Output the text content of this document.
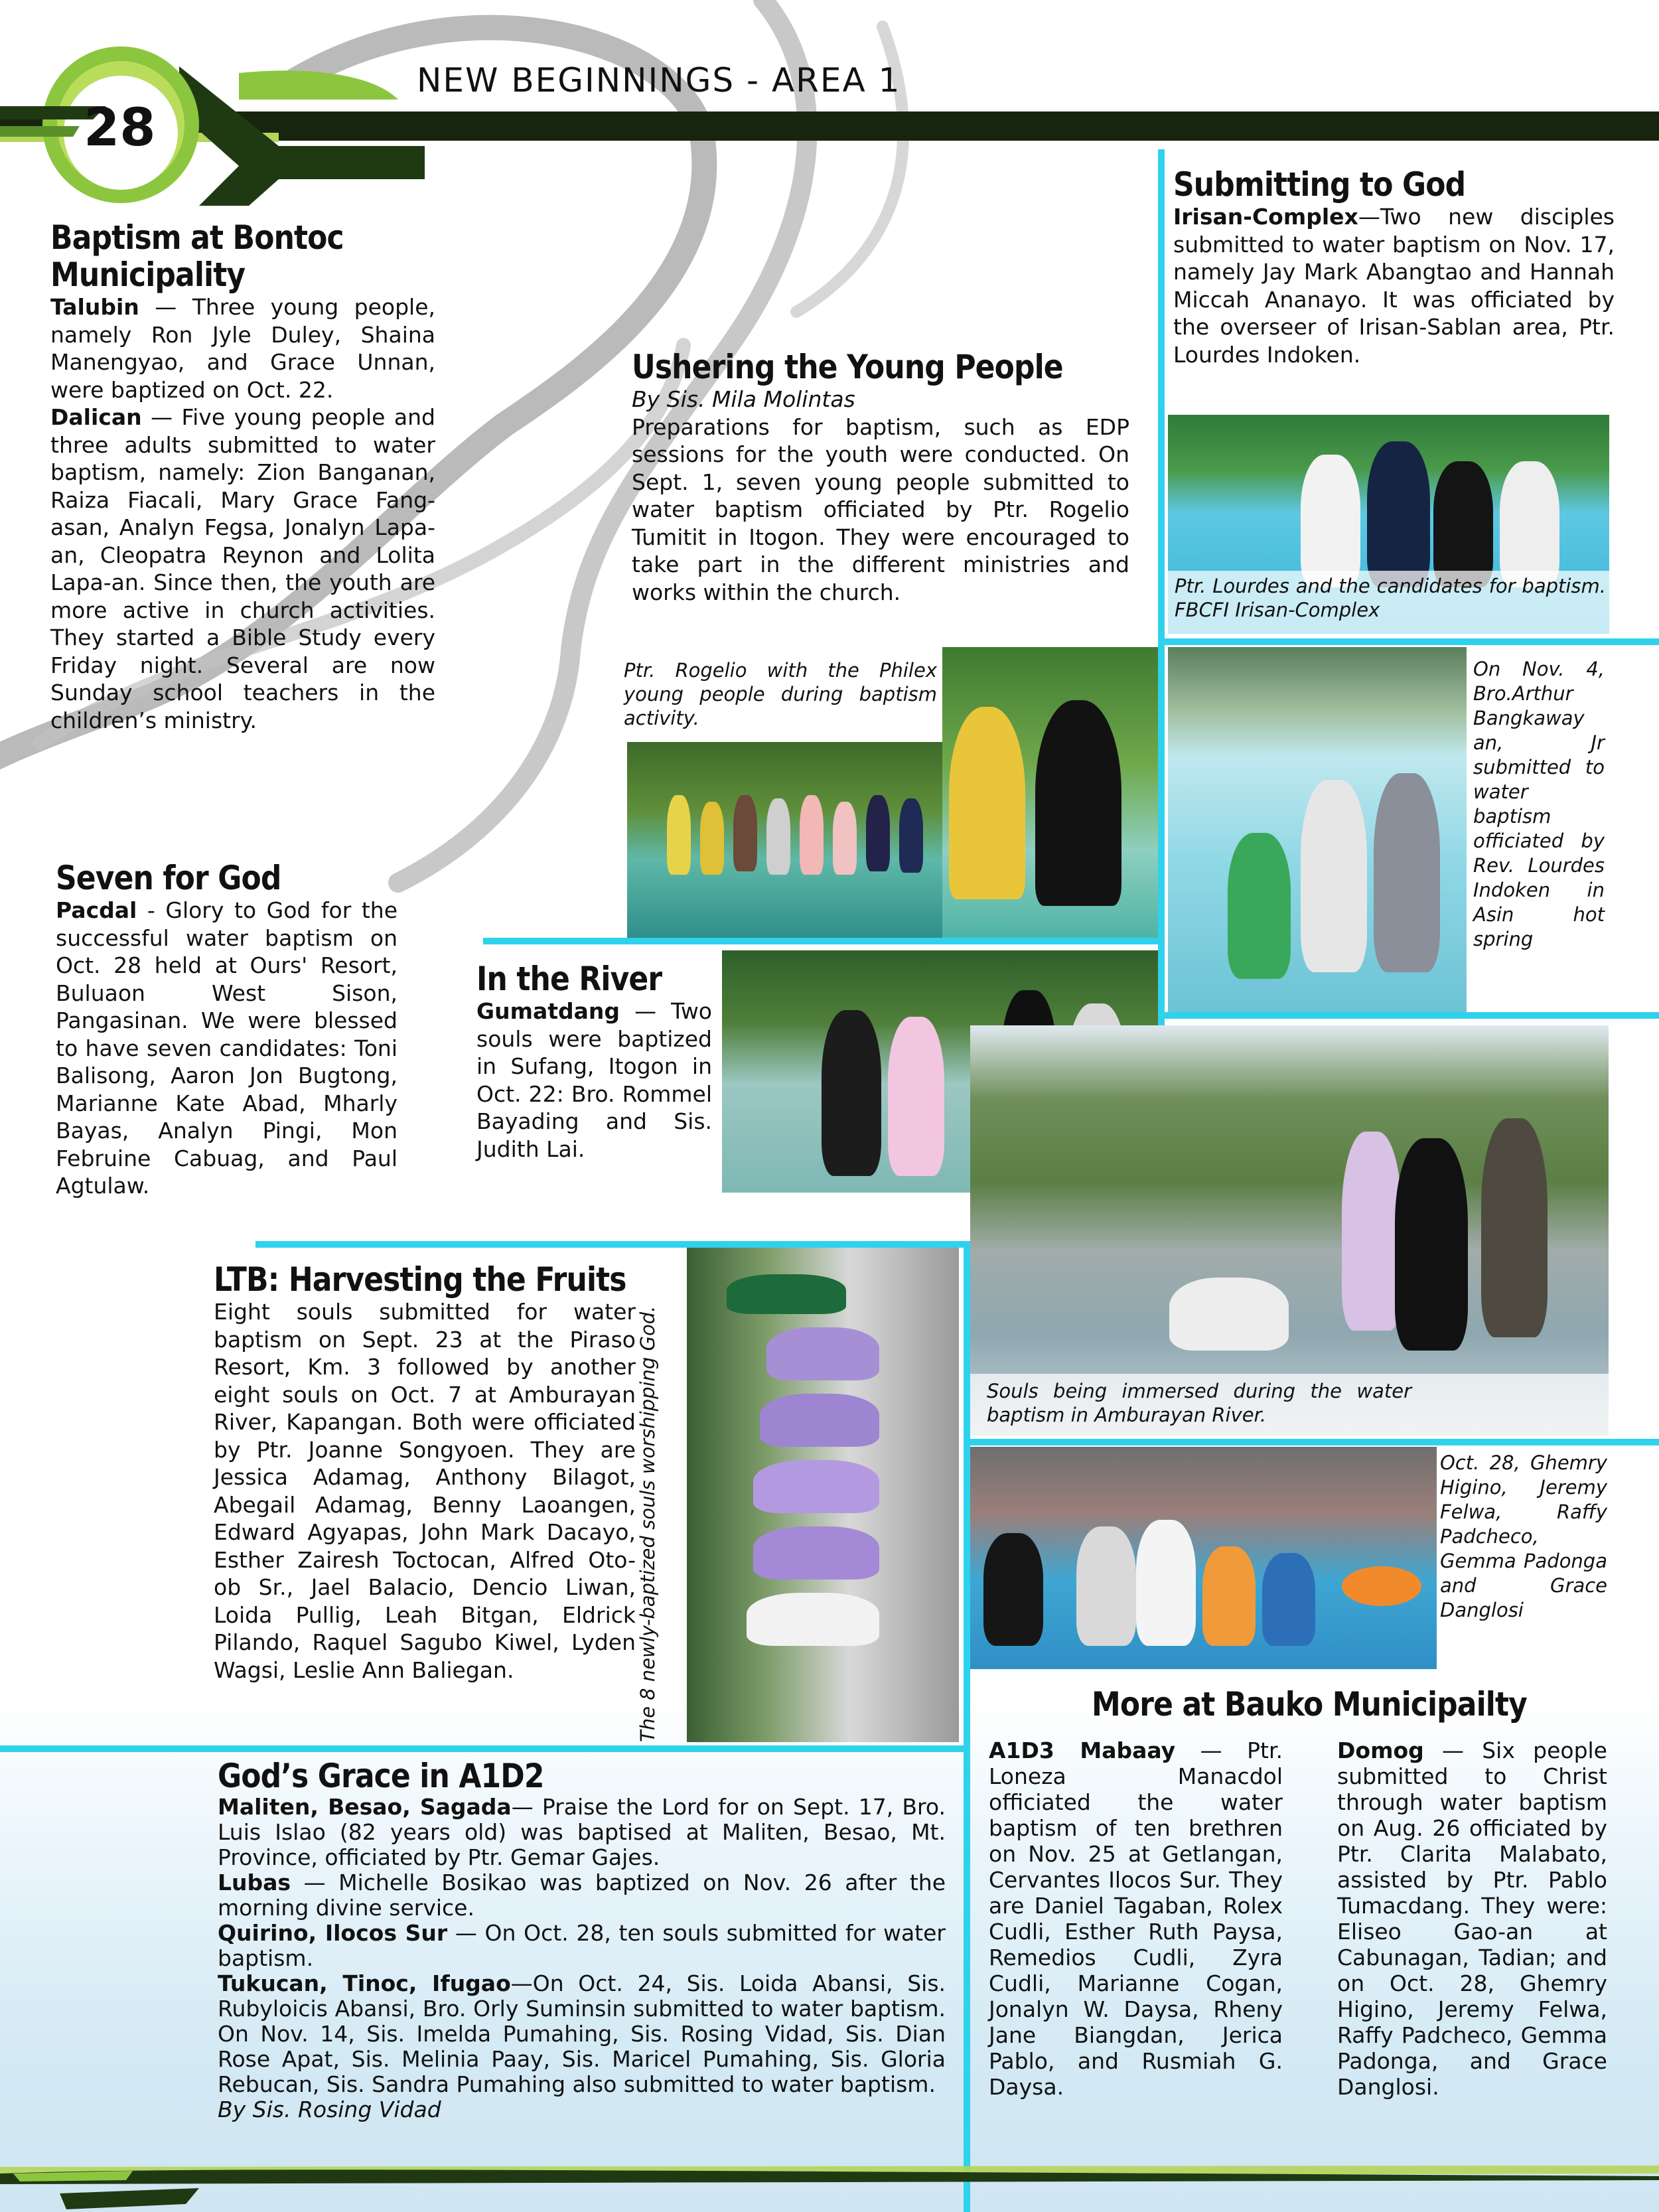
28
NEW BEGINNINGS - AREA 1
Baptism at Bontoc Municipality

Talubin — Three young people, namely Ron Jyle Duley, Shaina Manengyao, and Grace Unnan, were baptized on Oct. 22.

Dalican — Five young people and three adults submitted to water baptism, namely: Zion Banganan, Raiza Fiacali, Mary Grace Fang-asan, Analyn Fegsa, Jonalyn Lapa-an, Cleopatra Reynon and Lolita Lapa-an. Since then, the youth are more active in church activities. They started a Bible Study every Friday night. Several are now Sunday school teachers in the children’s ministry.

Ushering the Young People

By Sis. Mila Molintas

Preparations for baptism, such as EDP sessions for the youth were conducted. On Sept. 1, seven young people submitted to water baptism officiated by Ptr. Rogelio Tumitit in Itogon. They were encouraged to take part in the different ministries and works within the church.

Ptr. Rogelio with the Philex young people during baptism activity.

Submitting to God

Irisan-Complex—Two new disciples submitted to water baptism on Nov. 17, namely Jay Mark Abangtao and Hannah Miccah Ananayo. It was officiated by the overseer of Irisan-Sablan area, Ptr. Lourdes Indoken.

Ptr. Lourdes and the candidates for baptism. FBCFI Irisan-Complex

On Nov. 4, Bro.Arthur Bangkaway an, Jr submitted to water baptism officiated by Rev. Lourdes Indoken in Asin hot spring

Seven for God

Pacdal - Glory to God for the successful water baptism on Oct. 28 held at Ours' Resort, Buluaon West Sison, Pangasinan. We were blessed to have seven candidates: Toni Balisong, Aaron Jon Bugtong, Marianne Kate Abad, Mharly Bayas, Analyn Pingi, Mon Februine Cabuag, and Paul Agtulaw.

In the River

Gumatdang — Two souls were baptized in Sufang, Itogon in Oct. 22: Bro. Rommel Bayading and Sis. Judith Lai.

Souls being immersed during the water baptism in Amburayan River.

LTB: Harvesting the Fruits

Eight souls submitted for water baptism on Sept. 23 at the Piraso Resort, Km. 3 followed by another eight souls on Oct. 7 at Amburayan River, Kapangan. Both were officiated by Ptr. Joanne Songyoen. They are Jessica Adamag, Anthony Bilagot, Abegail Adamag, Benny Laoangen, Edward Agyapas, John Mark Dacayo, Esther Zairesh Toctocan, Alfred Oto-ob Sr., Jael Balacio, Dencio Liwan, Loida Pullig, Leah Bitgan, Eldrick Pilando, Raquel Sagubo Kiwel, Lyden Wagsi, Leslie Ann Baliegan.	The 8 newly-baptized souls worshipping God.	Oct. 28, Ghemry Higino, Jeremy Felwa, Raffy Padcheco, Gemma Padonga and Grace Danglosi

God’s Grace in A1D2

Maliten, Besao, Sagada— Praise the Lord for on Sept. 17, Bro. Luis Islao (82 years old) was baptised at Maliten, Besao, Mt. Province, officiated by Ptr. Gemar Gajes.

Lubas — Michelle Bosikao was baptized on Nov. 26 after the morning divine service.

Quirino, Ilocos Sur — On Oct. 28, ten souls submitted for water baptism.

Tukucan, Tinoc, Ifugao—On Oct. 24, Sis. Loida Abansi, Sis. Rubyloicis Abansi, Bro. Orly Suminsin submitted to water baptism. On Nov. 14, Sis. Imelda Pumahing, Sis. Rosing Vidad, Sis. Dian Rose Apat, Sis. Melinia Paay, Sis. Maricel Pumahing, Sis. Gloria Rebucan, Sis. Sandra Pumahing also submitted to water baptism.

By Sis. Rosing Vidad

More at Bauko Municipailty

A1D3 Mabaay — Ptr. Loneza Manacdol officiated the water baptism of ten brethren on Nov. 25 at Getlangan, Cervantes Ilocos Sur. They are Daniel Tagaban, Rolex Cudli, Esther Ruth Paysa, Remedios Cudli, Zyra Cudli, Marianne Cogan, Jonalyn W. Daysa, Rheny Jane Biangdan, Jerica Pablo, and Rusmiah G. Daysa.

Domog — Six people submitted to Christ through water baptism on Aug. 26 officiated by Ptr. Clarita Malabato, assisted by Ptr. Pablo Tumacdang. They were: Eliseo Gao-an at Cabunagan, Tadian; and on Oct. 28, Ghemry Higino, Jeremy Felwa, Raffy Padcheco, Gemma Padonga, and Grace Danglosi.
